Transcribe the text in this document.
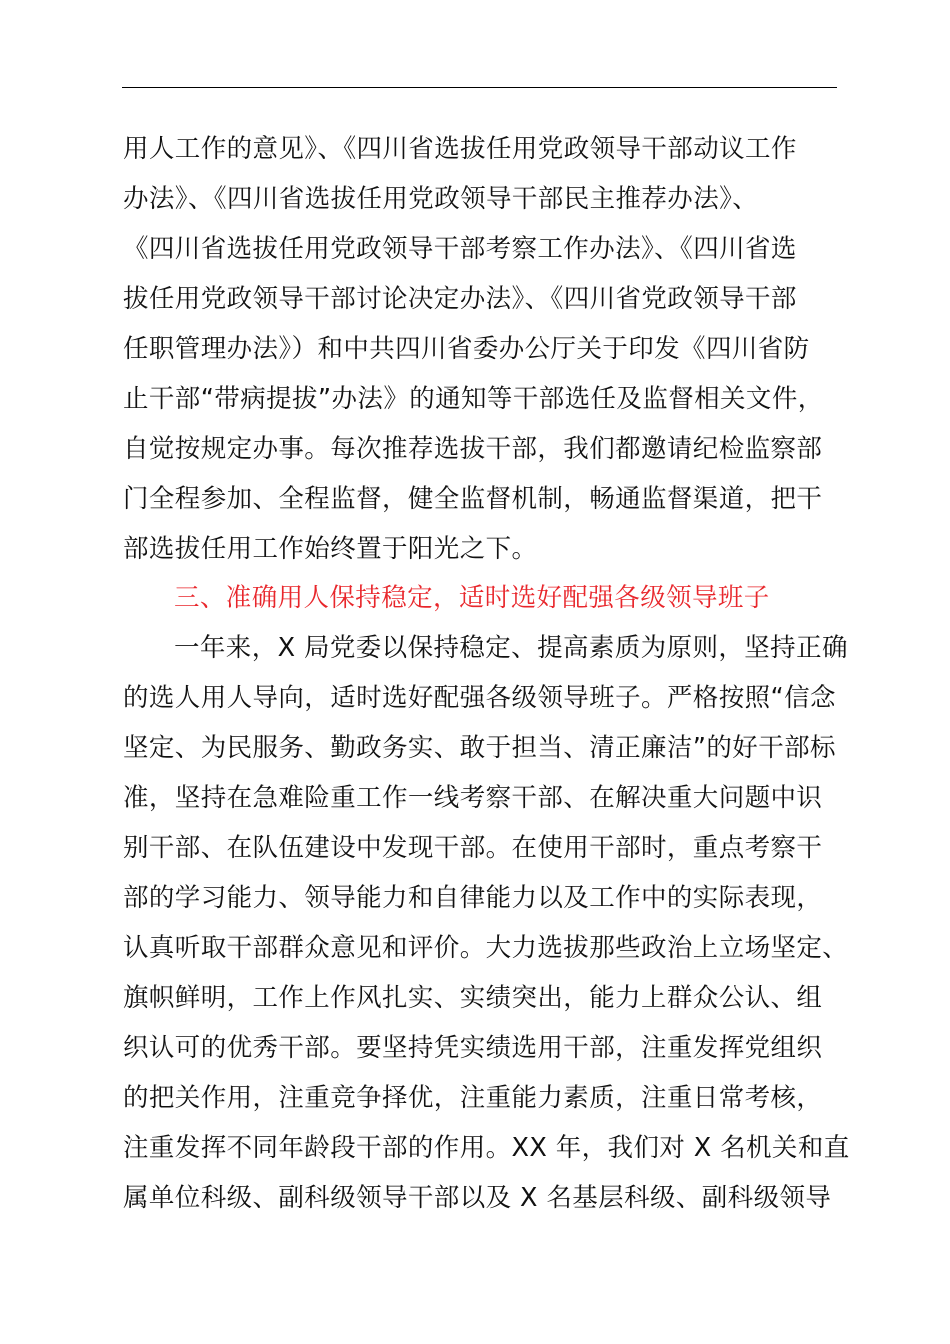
用人工作的意见》、《四川省选拔任用党政领导干部动议工作
办法》、《四川省选拔任用党政领导干部民主推荐办法》、
《四川省选拔任用党政领导干部考察工作办法》、《四川省选
拔任用党政领导干部讨论决定办法》、《四川省党政领导干部
任职管理办法》）和中共四川省委办公厅关于印发《四川省防
止干部“带病提拔”办法》的通知等干部选任及监督相关文件，
自觉按规定办事。每次推荐选拔干部，我们都邀请纪检监察部
门全程参加、全程监督，健全监督机制，畅通监督渠道，把干
部选拔任用工作始终置于阳光之下。
三、准确用人保持稳定，适时选好配强各级领导班子
一年来，X 局党委以保持稳定、提高素质为原则，坚持正确
的选人用人导向，适时选好配强各级领导班子。严格按照“信念
坚定、为民服务、勤政务实、敢于担当、清正廉洁”的好干部标
准，坚持在急难险重工作一线考察干部、在解决重大问题中识
别干部、在队伍建设中发现干部。在使用干部时，重点考察干
部的学习能力、领导能力和自律能力以及工作中的实际表现，
认真听取干部群众意见和评价。大力选拔那些政治上立场坚定、
旗帜鲜明，工作上作风扎实、实绩突出，能力上群众公认、组
织认可的优秀干部。要坚持凭实绩选用干部，注重发挥党组织
的把关作用，注重竞争择优，注重能力素质，注重日常考核，
注重发挥不同年龄段干部的作用。XX 年，我们对 X 名机关和直
属单位科级、副科级领导干部以及 X 名基层科级、副科级领导
